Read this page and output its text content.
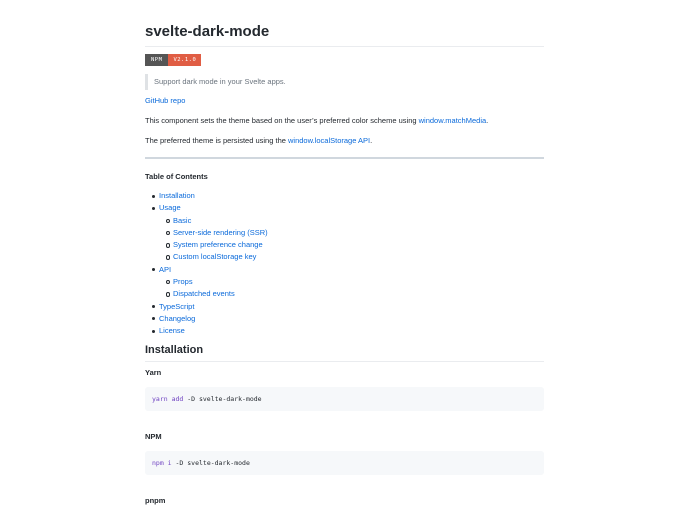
svelte-dark-mode
NPM	V2.1.0
Support dark mode in your Svelte apps.

GitHub repo

This component sets the theme based on the user’s preferred color scheme using window.matchMedia.

The preferred theme is persisted using the window.localStorage API.

Table of Contents
Installation
Usage
Basic
Server-side rendering (SSR)
System preference change
Custom localStorage key
API
Props
Dispatched events
TypeScript
Changelog
License
Installation
Yarn
yarn add -D svelte-dark-mode
NPM
npm i -D svelte-dark-mode
pnpm
